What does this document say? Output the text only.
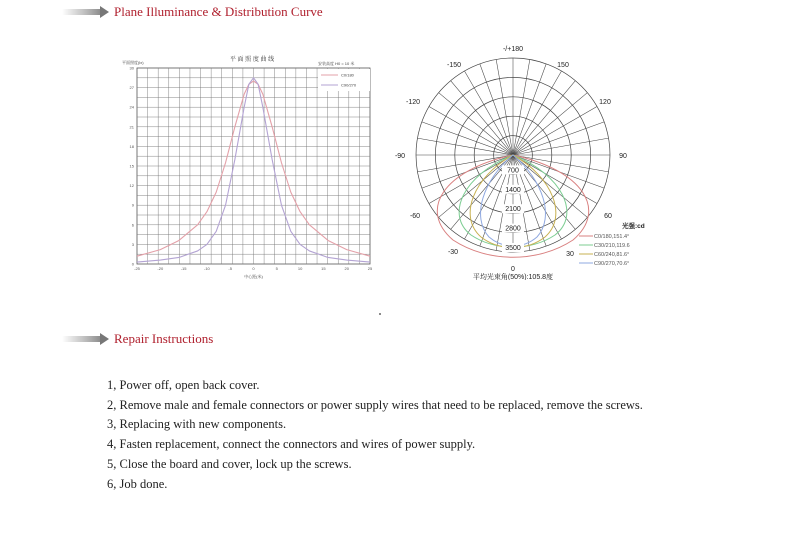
Plane Illuminance & Distribution Curve
平 面 照 度 曲 线
平面照度(lx)	安装高度 H0 = 10 米
0
3
6
9
12
15
18
21
24
27
30
-25	-20	-15	-10	-5	0	5	10	15	20	25
中心距(米)
C0/180
C90/270
-/+180
150
120
90
60
30
0
-30
-60
-90
-120
-150
700
1400
2100
2800
3500
平均光束角(50%):105.8度
光强:cd
C0/180,151.4°
C30/210,119.6
C60/240,81.6°
C90/270,70.6°
Repair Instructions
1, Power off, open back cover.
2, Remove male and female connectors or power supply wires that need to be replaced, remove the screws.
3, Replacing with new components.
4, Fasten replacement, connect the connectors and wires of power supply.
5, Close the board and cover, lock up the screws.
6, Job done.
